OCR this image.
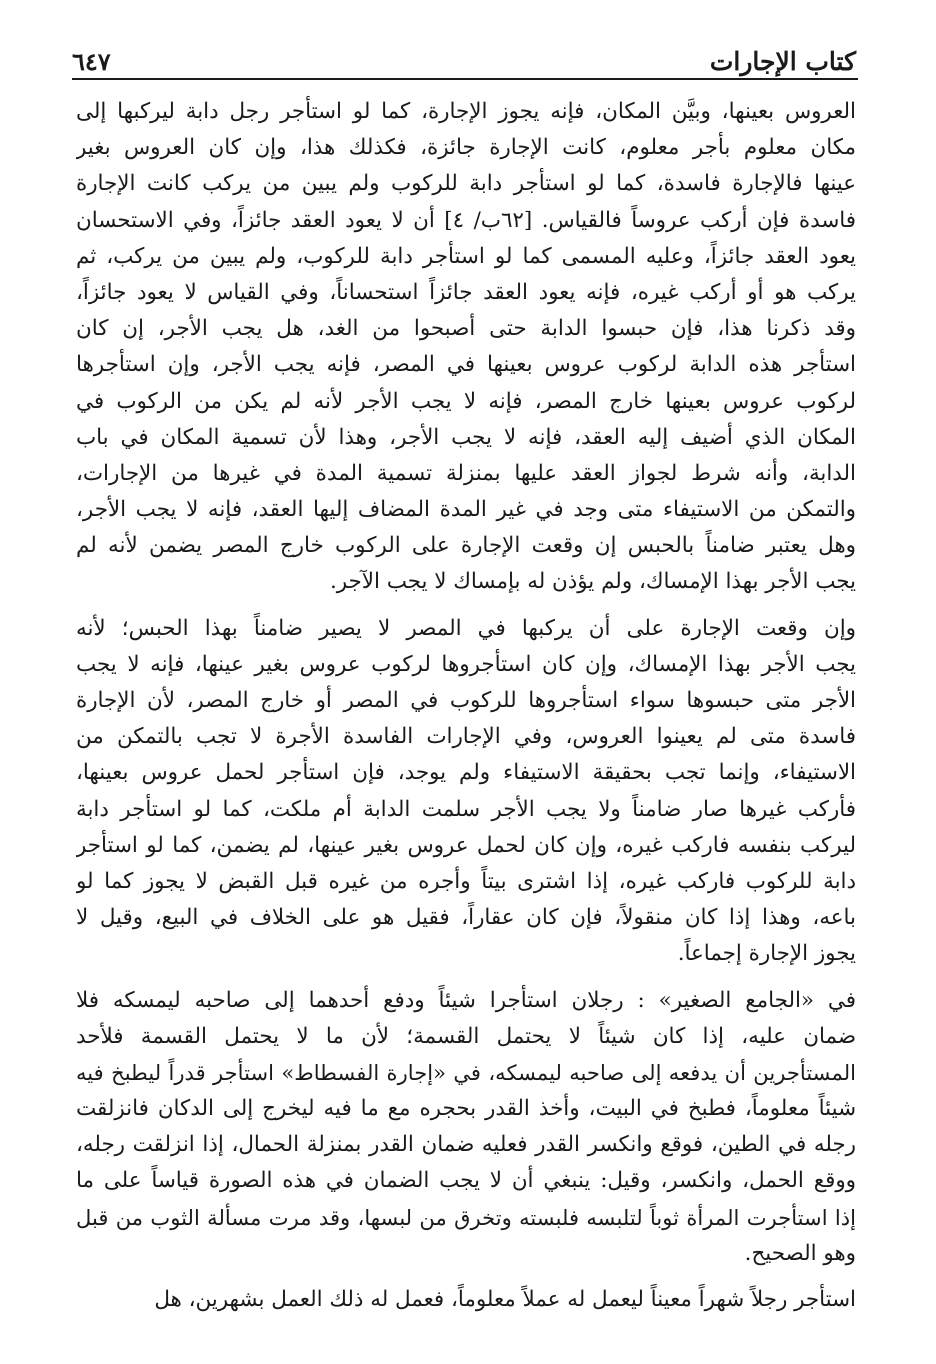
كتاب الإجارات
٦٤٧
العروس بعينها، وبيَّن المكان، فإنه يجوز الإجارة، كما لو استأجر رجل دابة ليركبها إلى
مكان معلوم بأجر معلوم، كانت الإجارة جائزة، فكذلك هذا، وإن كان العروس بغير
عينها فالإجارة فاسدة، كما لو استأجر دابة للركوب ولم يبين من يركب كانت الإجارة
فاسدة فإن أركب عروساً فالقياس. [٦٢ب/ ٤] أن لا يعود العقد جائزاً، وفي الاستحسان
يعود العقد جائزاً، وعليه المسمى كما لو استأجر دابة للركوب، ولم يبين من يركب، ثم
يركب هو أو أركب غيره، فإنه يعود العقد جائزاً استحساناً، وفي القياس لا يعود جائزاً،
وقد ذكرنا هذا، فإن حبسوا الدابة حتى أصبحوا من الغد، هل يجب الأجر، إن كان
استأجر هذه الدابة لركوب عروس بعينها في المصر، فإنه يجب الأجر، وإن استأجرها
لركوب عروس بعينها خارج المصر، فإنه لا يجب الأجر لأنه لم يكن من الركوب في
المكان الذي أضيف إليه العقد، فإنه لا يجب الأجر، وهذا لأن تسمية المكان في باب
الدابة، وأنه شرط لجواز العقد عليها بمنزلة تسمية المدة في غيرها من الإجارات،
والتمكن من الاستيفاء متى وجد في غير المدة المضاف إليها العقد، فإنه لا يجب الأجر،
وهل يعتبر ضامناً بالحبس إن وقعت الإجارة على الركوب خارج المصر يضمن لأنه لم
يجب الأجر بهذا الإمساك، ولم يؤذن له بإمساك لا يجب الآجر.
وإن وقعت الإجارة على أن يركبها في المصر لا يصير ضامناً بهذا الحبس؛ لأنه
يجب الأجر بهذا الإمساك، وإن كان استأجروها لركوب عروس بغير عينها، فإنه لا يجب
الأجر متى حبسوها سواء استأجروها للركوب في المصر أو خارج المصر، لأن الإجارة
فاسدة متى لم يعينوا العروس، وفي الإجارات الفاسدة الأجرة لا تجب بالتمكن من
الاستيفاء، وإنما تجب بحقيقة الاستيفاء ولم يوجد، فإن استأجر لحمل عروس بعينها،
فأركب غيرها صار ضامناً ولا يجب الأجر سلمت الدابة أم ملكت، كما لو استأجر دابة
ليركب بنفسه فاركب غيره، وإن كان لحمل عروس بغير عينها، لم يضمن، كما لو استأجر
دابة للركوب فاركب غيره، إذا اشترى بيتاً وأجره من غيره قبل القبض لا يجوز كما لو
باعه، وهذا إذا كان منقولاً، فإن كان عقاراً، فقيل هو على الخلاف في البيع، وقيل لا
يجوز الإجارة إجماعاً.
في «الجامع الصغير» : رجلان استأجرا شيئاً ودفع أحدهما إلى صاحبه ليمسكه فلا
ضمان عليه، إذا كان شيئاً لا يحتمل القسمة؛ لأن ما لا يحتمل القسمة فلأحد
المستأجرين أن يدفعه إلى صاحبه ليمسكه، في «إجارة الفسطاط» استأجر قدراً ليطبخ فيه
شيئاً معلوماً، فطبخ في البيت، وأخذ القدر بحجره مع ما فيه ليخرج إلى الدكان فانزلقت
رجله في الطين، فوقع وانكسر القدر فعليه ضمان القدر بمنزلة الحمال، إذا انزلقت رجله،
ووقع الحمل، وانكسر، وقيل: ينبغي أن لا يجب الضمان في هذه الصورة قياساً على ما
إذا استأجرت المرأة ثوباً لتلبسه فلبسته وتخرق من لبسها، وقد مرت مسألة الثوب من قبل
وهو الصحيح.
استأجر رجلاً شهراً معيناً ليعمل له عملاً معلوماً، فعمل له ذلك العمل بشهرين، هل
